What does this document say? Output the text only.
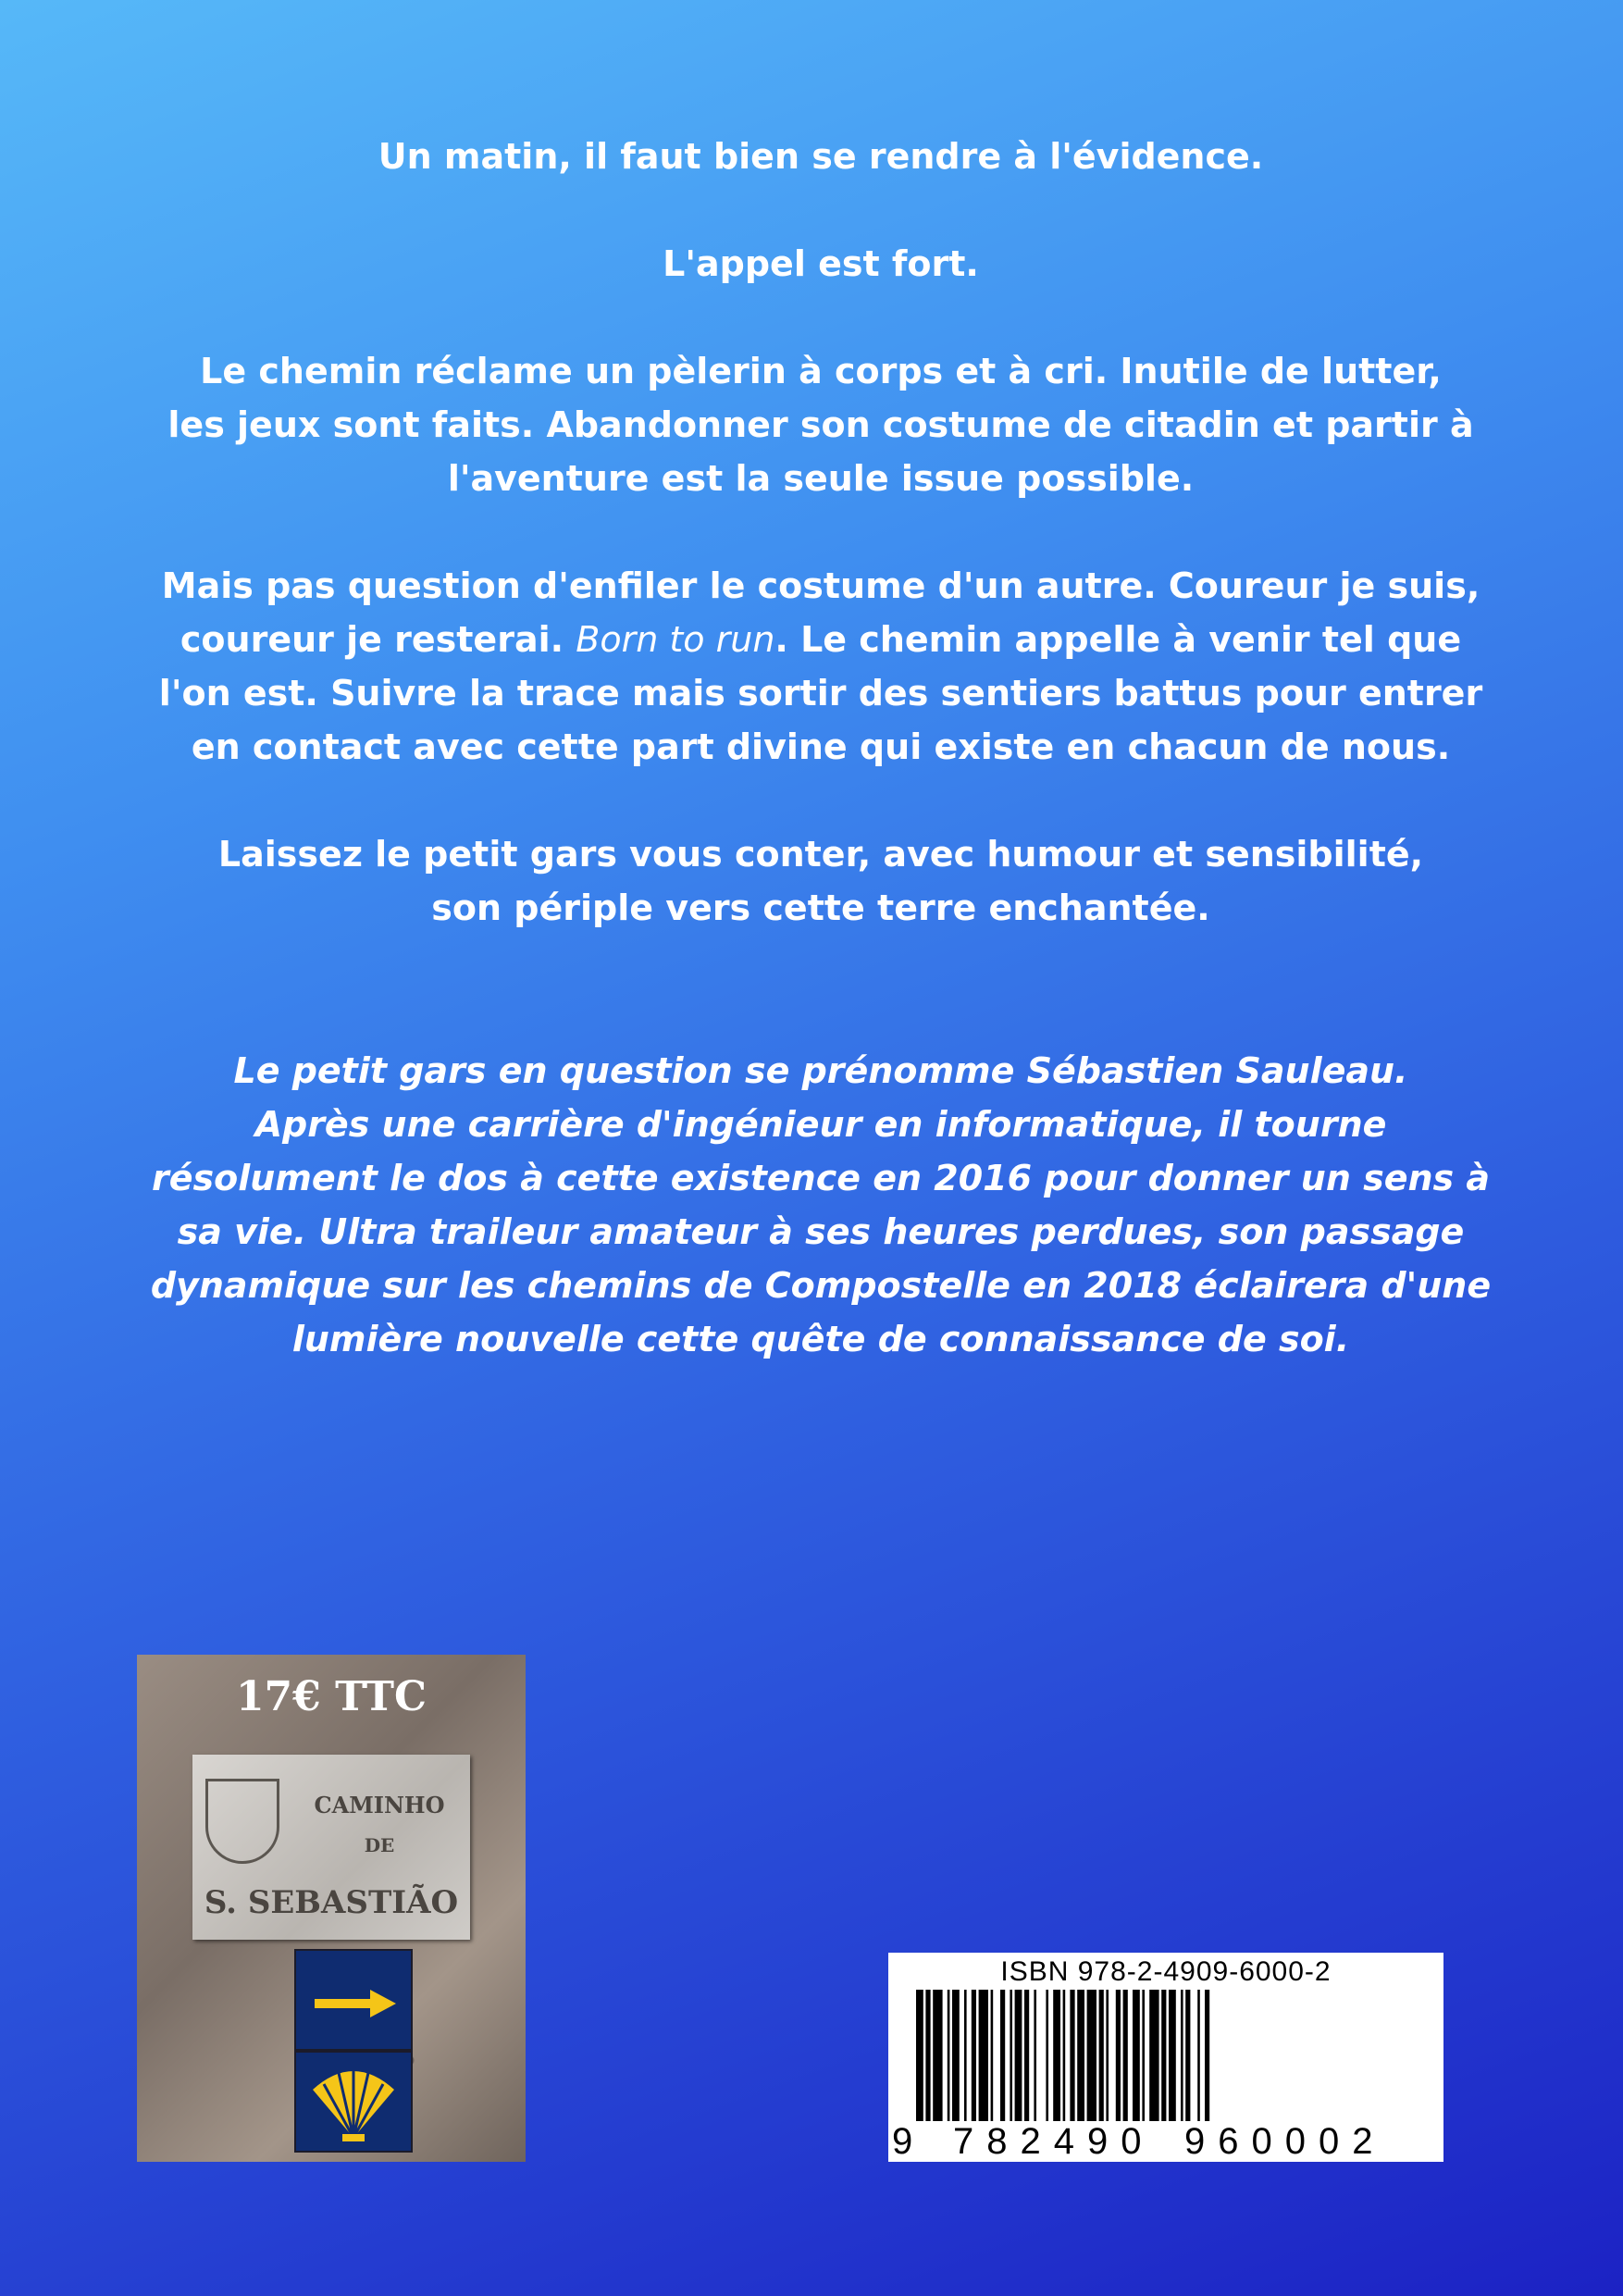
Un matin, il faut bien se rendre à l'évidence.

L'appel est fort.

Le chemin réclame un pèlerin à corps et à cri. Inutile de lutter,
les jeux sont faits. Abandonner son costume de citadin et partir à
l'aventure est la seule issue possible.

Mais pas question d'enfiler le costume d'un autre. Coureur je suis,
coureur je resterai. Born to run. Le chemin appelle à venir tel que
l'on est. Suivre la trace mais sortir des sentiers battus pour entrer
en contact avec cette part divine qui existe en chacun de nous.

Laissez le petit gars vous conter, avec humour et sensibilité,
son périple vers cette terre enchantée.

Le petit gars en question se prénomme Sébastien Sauleau.
Après une carrière d'ingénieur en informatique, il tourne
résolument le dos à cette existence en 2016 pour donner un sens à
sa vie. Ultra traileur amateur à ses heures perdues, son passage
dynamique sur les chemins de Compostelle en 2018 éclairera d'une
lumière nouvelle cette quête de connaissance de soi.
17€ TTC
CAMINHO
DE
S. SEBASTIÃO
ISBN 978-2-4909-6000-2
9 782490 960002
